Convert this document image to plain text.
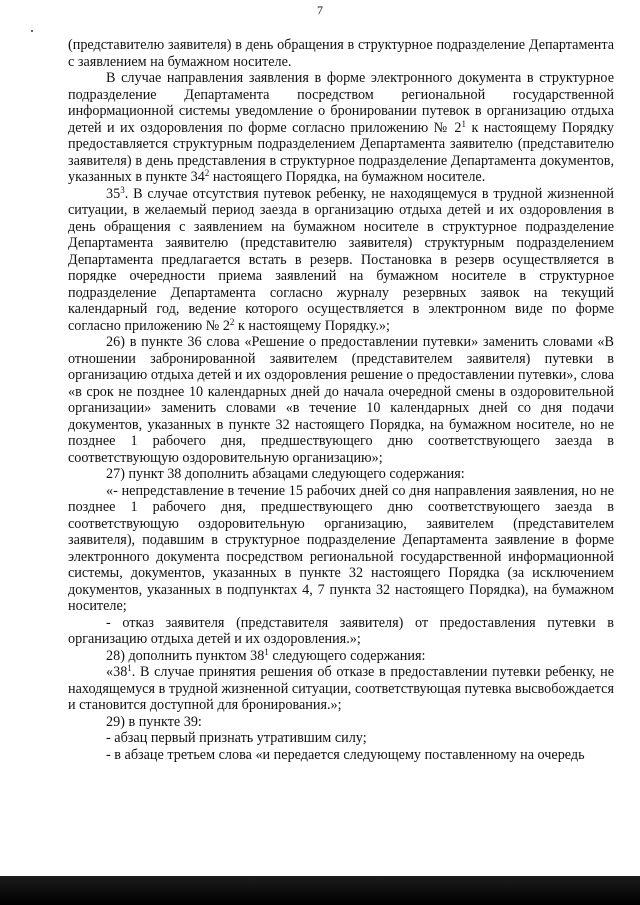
7

(представителю заявителя) в день обращения в структурное подразделение Департамента с заявлением на бумажном носителе.

В случае направления заявления в форме электронного документа в структурное подразделение Департамента посредством региональной государственной информационной системы уведомление о бронировании путевок в организацию отдыха детей и их оздоровления по форме согласно приложению № $2^1$ к настоящему Порядку предоставляется структурным подразделением Департамента заявителю (представителю заявителя) в день представления в структурное подразделение Департамента документов, указанных в пункте $34^2$ настоящего Порядка, на бумажном носителе.

$35^3$. В случае отсутствия путевок ребенку, не находящемуся в трудной жизненной ситуации, в желаемый период заезда в организацию отдыха детей и их оздоровления в день обращения с заявлением на бумажном носителе в структурное подразделение Департамента заявителю (представителю заявителя) структурным подразделением Департамента предлагается встать в резерв. Постановка в резерв осуществляется в порядке очередности приема заявлений на бумажном носителе в структурное подразделение Департамента согласно журналу резервных заявок на текущий календарный год, ведение которого осуществляется в электронном виде по форме согласно приложению № $2^2$ к настоящему Порядку.»;

26) в пункте 36 слова «Решение о предоставлении путевки» заменить словами «В отношении забронированной заявителем (представителем заявителя) путевки в организацию отдыха детей и их оздоровления решение о предоставлении путевки», слова «в срок не позднее 10 календарных дней до начала очередной смены в оздоровительной организации» заменить словами «в течение 10 календарных дней со дня подачи документов, указанных в пункте 32 настоящего Порядка, на бумажном носителе, но не позднее 1 рабочего дня, предшествующего дню соответствующего заезда в соответствующую оздоровительную организацию»;

27) пункт 38 дополнить абзацами следующего содержания:

«- непредставление в течение 15 рабочих дней со дня направления заявления, но не позднее 1 рабочего дня, предшествующего дню соответствующего заезда в соответствующую оздоровительную организацию, заявителем (представителем заявителя), подавшим в структурное подразделение Департамента заявление в форме электронного документа посредством региональной государственной информационной системы, документов, указанных в пункте 32 настоящего Порядка (за исключением документов, указанных в подпунктах 4, 7 пункта 32 настоящего Порядка), на бумажном носителе;

- отказ заявителя (представителя заявителя) от предоставления путевки в организацию отдыха детей и их оздоровления.»;

28) дополнить пунктом $38^1$ следующего содержания:

«$38^1$. В случае принятия решения об отказе в предоставлении путевки ребенку, не находящемуся в трудной жизненной ситуации, соответствующая путевка высвобождается и становится доступной для бронирования.»;

29) в пункте 39:

- абзац первый признать утратившим силу;

- в абзаце третьем слова «и передается следующему поставленному на очередь
